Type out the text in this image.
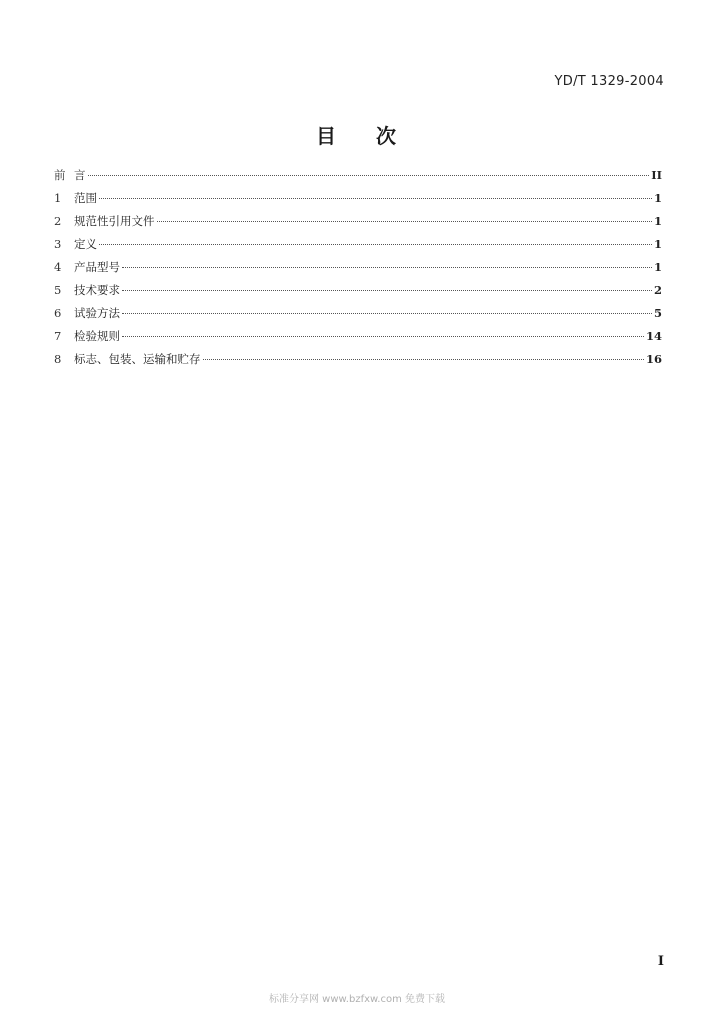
YD/T 1329-2004
目 次
前 言	II
1	范围	1
2	规范性引用文件	1
3	定义	1
4	产品型号	1
5	技术要求	2
6	试验方法	5
7	检验规则	14
8	标志、包装、运输和贮存	16
I
标准分享网 www.bzfxw.com 免费下载
